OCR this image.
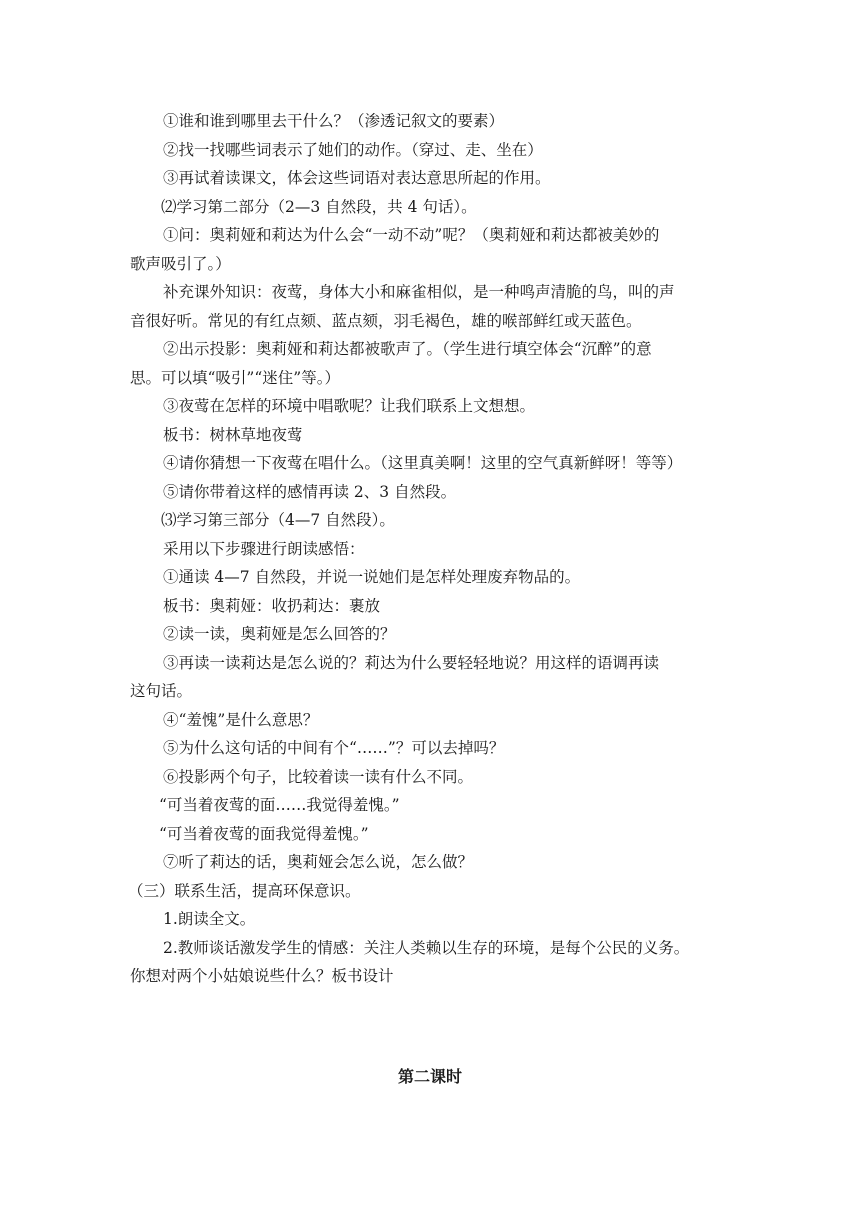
①谁和谁到哪里去干什么？（渗透记叙文的要素）
②找一找哪些词表示了她们的动作。（穿过、走、坐在）
③再试着读课文，体会这些词语对表达意思所起的作用。
⑵学习第二部分（2—3 自然段，共 4 句话）。
①问：奥莉娅和莉达为什么会“一动不动”呢？（奥莉娅和莉达都被美妙的
歌声吸引了。）
补充课外知识：夜莺，身体大小和麻雀相似，是一种鸣声清脆的鸟，叫的声
音很好听。常见的有红点颏、蓝点颏，羽毛褐色，雄的喉部鲜红或天蓝色。
②出示投影：奥莉娅和莉达都被歌声了。（学生进行填空体会“沉醉”的意
思。可以填“吸引”“迷住”等。）
③夜莺在怎样的环境中唱歌呢？让我们联系上文想想。
板书：树林草地夜莺
④请你猜想一下夜莺在唱什么。（这里真美啊！这里的空气真新鲜呀！等等）
⑤请你带着这样的感情再读 2、3 自然段。
⑶学习第三部分（4—7 自然段）。
采用以下步骤进行朗读感悟：
①通读 4—7 自然段，并说一说她们是怎样处理废弃物品的。
板书：奥莉娅：收扔莉达：裹放
②读一读，奥莉娅是怎么回答的？
③再读一读莉达是怎么说的？莉达为什么要轻轻地说？用这样的语调再读
这句话。
④“羞愧”是什么意思？
⑤为什么这句话的中间有个“……”？可以去掉吗？
⑥投影两个句子，比较着读一读有什么不同。
“可当着夜莺的面……我觉得羞愧。”
“可当着夜莺的面我觉得羞愧。”
⑦听了莉达的话，奥莉娅会怎么说，怎么做？
（三）联系生活，提高环保意识。
1.朗读全文。
2.教师谈话激发学生的情感：关注人类赖以生存的环境，是每个公民的义务。
你想对两个小姑娘说些什么？板书设计
第二课时
